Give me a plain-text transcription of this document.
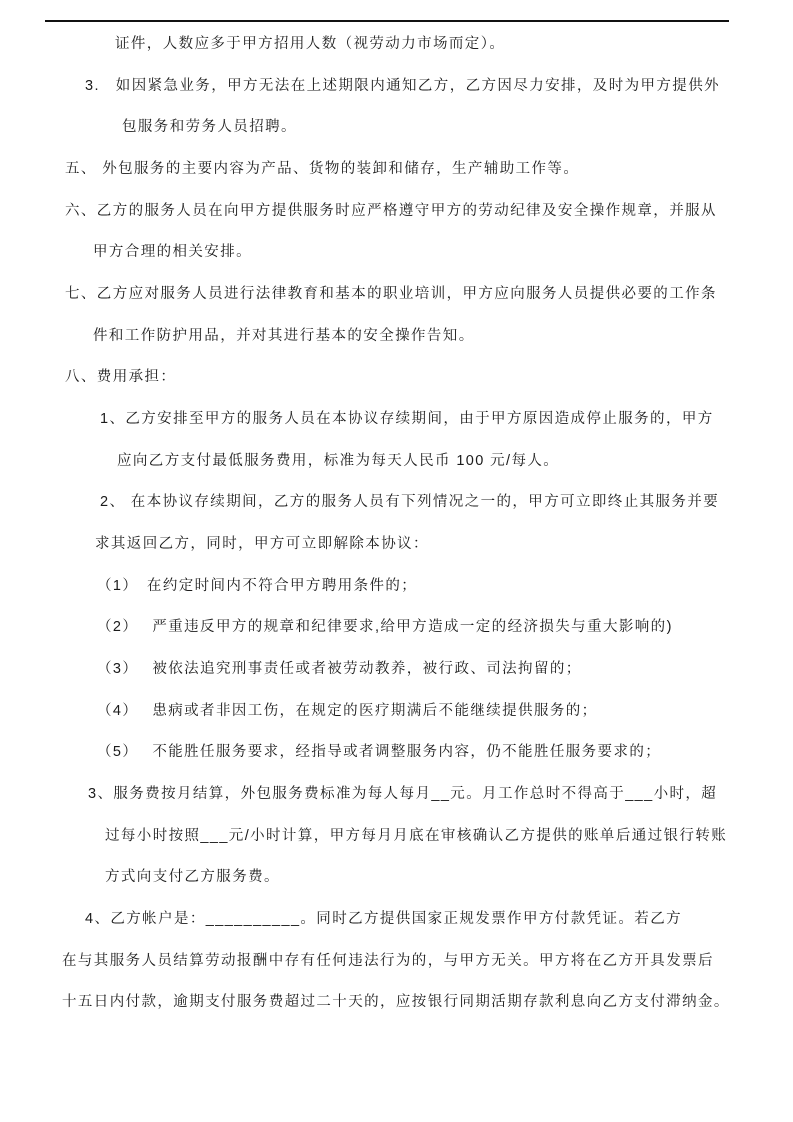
证件，人数应多于甲方招用人数（视劳动力市场而定）。
3.　如因紧急业务，甲方无法在上述期限内通知乙方，乙方因尽力安排，及时为甲方提供外
包服务和劳务人员招聘。
五、 外包服务的主要内容为产品、货物的装卸和储存，生产辅助工作等。
六、乙方的服务人员在向甲方提供服务时应严格遵守甲方的劳动纪律及安全操作规章，并服从
甲方合理的相关安排。
七、乙方应对服务人员进行法律教育和基本的职业培训，甲方应向服务人员提供必要的工作条
件和工作防护用品，并对其进行基本的安全操作告知。
八、费用承担：
1、乙方安排至甲方的服务人员在本协议存续期间，由于甲方原因造成停止服务的，甲方
应向乙方支付最低服务费用，标准为每天人民币 100 元/每人。
2、 在本协议存续期间，乙方的服务人员有下列情况之一的，甲方可立即终止其服务并要
求其返回乙方，同时，甲方可立即解除本协议：
（1）　在约定时间内不符合甲方聘用条件的；
（2）　 严重违反甲方的规章和纪律要求,给甲方造成一定的经济损失与重大影响的)
（3）　 被依法追究刑事责任或者被劳动教养，被行政、司法拘留的；
（4）　 患病或者非因工伤，在规定的医疗期满后不能继续提供服务的；
（5）　 不能胜任服务要求，经指导或者调整服务内容，仍不能胜任服务要求的；
3、服务费按月结算，外包服务费标准为每人每月__元。月工作总时不得高于___小时，超
过每小时按照___元/小时计算，甲方每月月底在审核确认乙方提供的账单后通过银行转账
方式向支付乙方服务费。
4、乙方帐户是：__________。同时乙方提供国家正规发票作甲方付款凭证。若乙方
在与其服务人员结算劳动报酬中存有任何违法行为的，与甲方无关。甲方将在乙方开具发票后
十五日内付款，逾期支付服务费超过二十天的，应按银行同期活期存款利息向乙方支付滞纳金。
